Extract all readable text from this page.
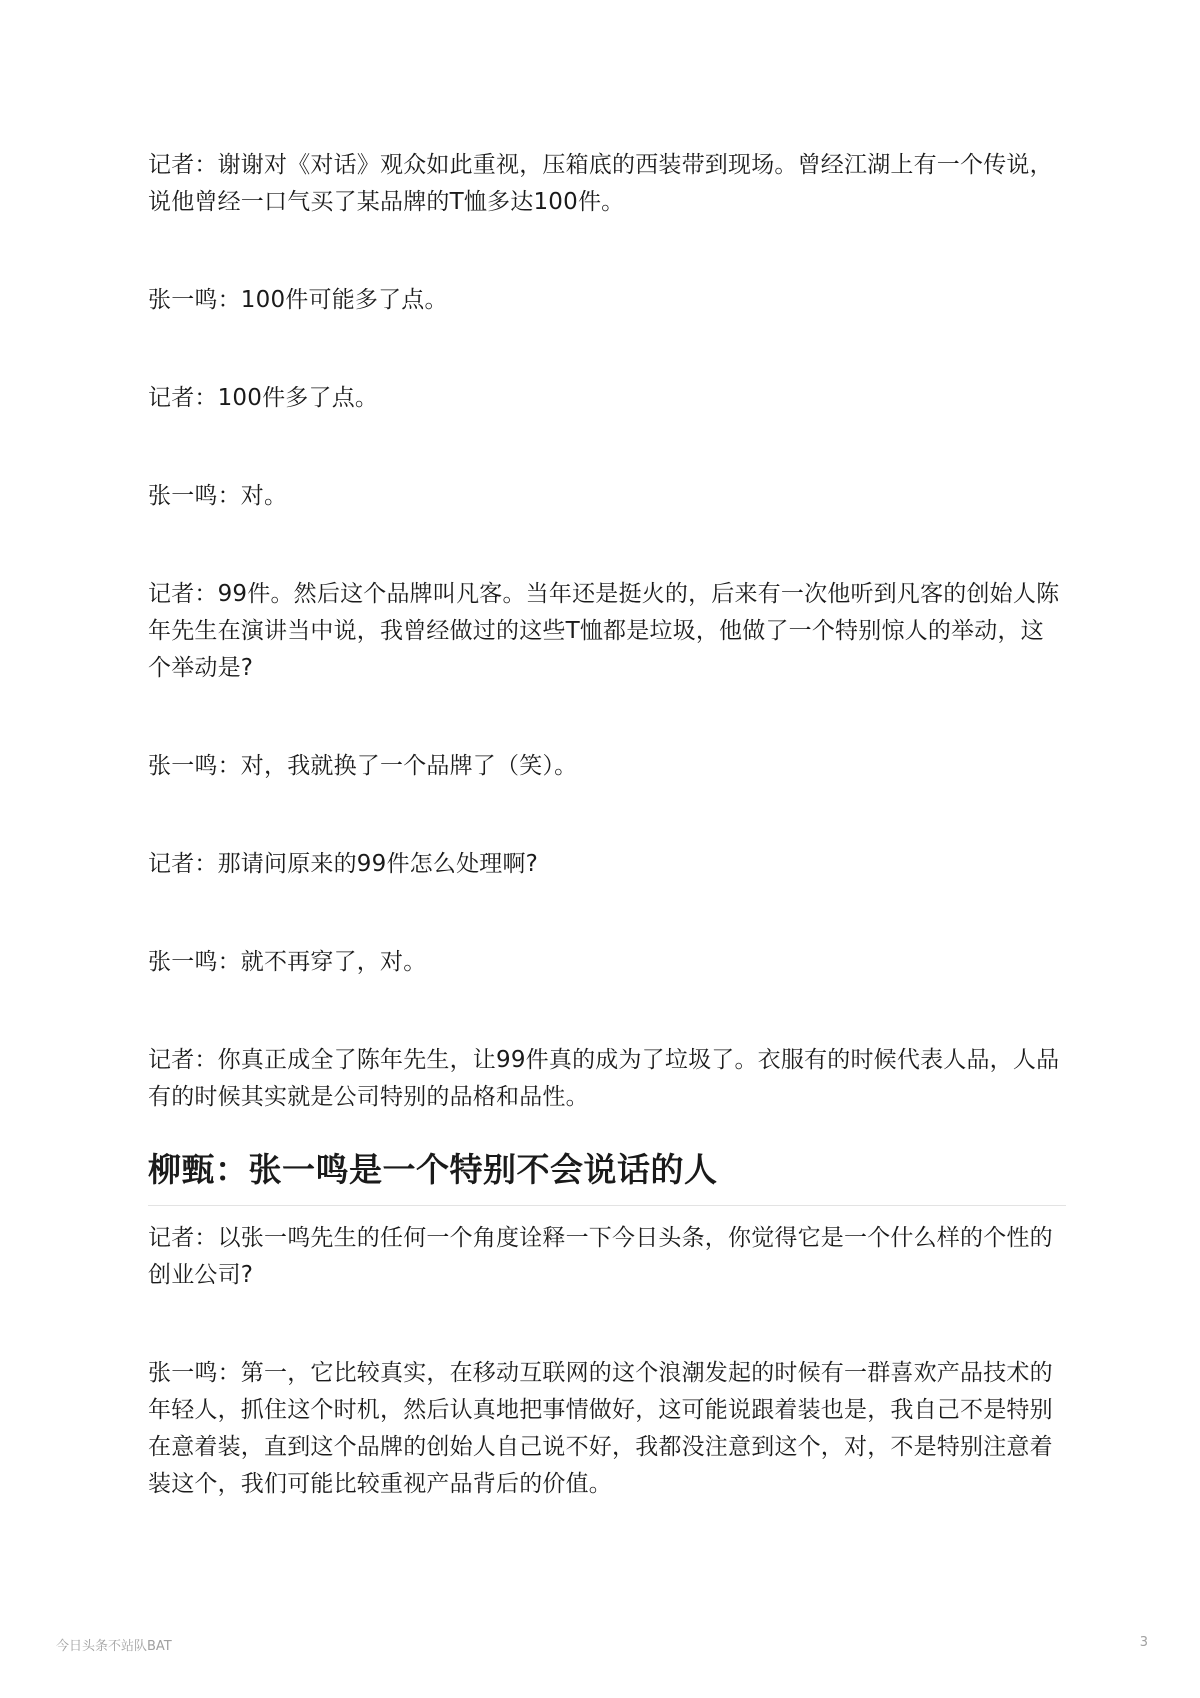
记者：谢谢对《对话》观众如此重视，压箱底的西装带到现场。曾经江湖上有一个传说，说他曾经一口气买了某品牌的T恤多达100件。

张一鸣：100件可能多了点。

记者：100件多了点。

张一鸣：对。

记者：99件。然后这个品牌叫凡客。当年还是挺火的，后来有一次他听到凡客的创始人陈年先生在演讲当中说，我曾经做过的这些T恤都是垃圾，他做了一个特别惊人的举动，这个举动是?

张一鸣：对，我就换了一个品牌了（笑）。

记者：那请问原来的99件怎么处理啊?

张一鸣：就不再穿了，对。

记者：你真正成全了陈年先生，让99件真的成为了垃圾了。衣服有的时候代表人品，人品有的时候其实就是公司特别的品格和品性。

柳甄：张一鸣是一个特别不会说话的人

记者：以张一鸣先生的任何一个角度诠释一下今日头条，你觉得它是一个什么样的个性的创业公司?

张一鸣：第一，它比较真实，在移动互联网的这个浪潮发起的时候有一群喜欢产品技术的年轻人，抓住这个时机，然后认真地把事情做好，这可能说跟着装也是，我自己不是特别在意着装，直到这个品牌的创始人自己说不好，我都没注意到这个，对，不是特别注意着装这个，我们可能比较重视产品背后的价值。

今日头条不站队BAT	3
